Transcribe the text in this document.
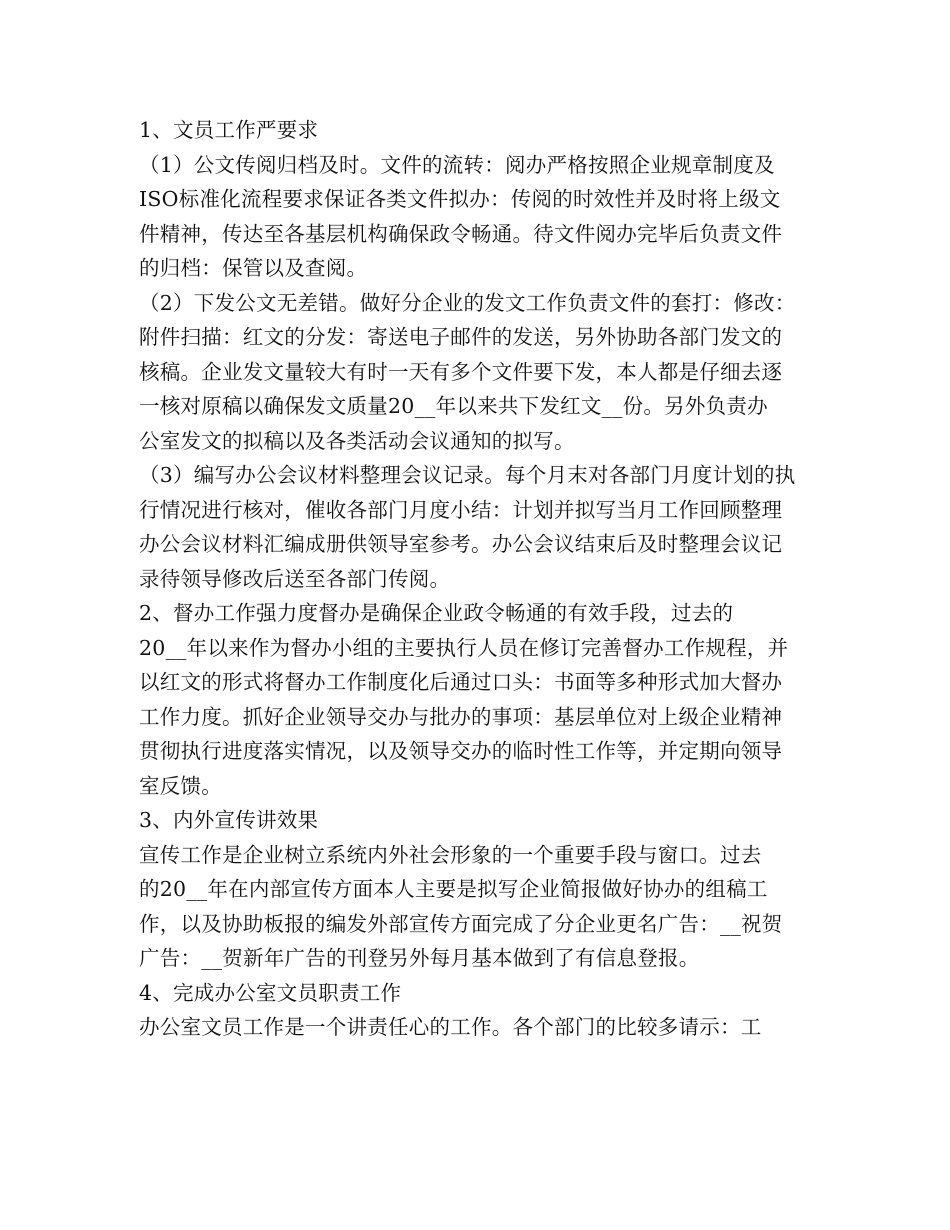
1、文员工作严要求
（1）公文传阅归档及时。文件的流转：阅办严格按照企业规章制度及
ISO标准化流程要求保证各类文件拟办：传阅的时效性并及时将上级文
件精神，传达至各基层机构确保政令畅通。待文件阅办完毕后负责文件
的归档：保管以及查阅。
（2）下发公文无差错。做好分企业的发文工作负责文件的套打：修改：
附件扫描：红文的分发：寄送电子邮件的发送，另外协助各部门发文的
核稿。企业发文量较大有时一天有多个文件要下发，本人都是仔细去逐
一核对原稿以确保发文质量20__年以来共下发红文__份。另外负责办
公室发文的拟稿以及各类活动会议通知的拟写。
（3）编写办公会议材料整理会议记录。每个月末对各部门月度计划的执
行情况进行核对，催收各部门月度小结：计划并拟写当月工作回顾整理
办公会议材料汇编成册供领导室参考。办公会议结束后及时整理会议记
录待领导修改后送至各部门传阅。
2、督办工作强力度督办是确保企业政令畅通的有效手段，过去的
20__年以来作为督办小组的主要执行人员在修订完善督办工作规程，并
以红文的形式将督办工作制度化后通过口头：书面等多种形式加大督办
工作力度。抓好企业领导交办与批办的事项：基层单位对上级企业精神
贯彻执行进度落实情况，以及领导交办的临时性工作等，并定期向领导
室反馈。
3、内外宣传讲效果
宣传工作是企业树立系统内外社会形象的一个重要手段与窗口。过去
的20__年在内部宣传方面本人主要是拟写企业简报做好协办的组稿工
作，以及协助板报的编发外部宣传方面完成了分企业更名广告：__祝贺
广告：__贺新年广告的刊登另外每月基本做到了有信息登报。
4、完成办公室文员职责工作
办公室文员工作是一个讲责任心的工作。各个部门的比较多请示：工
